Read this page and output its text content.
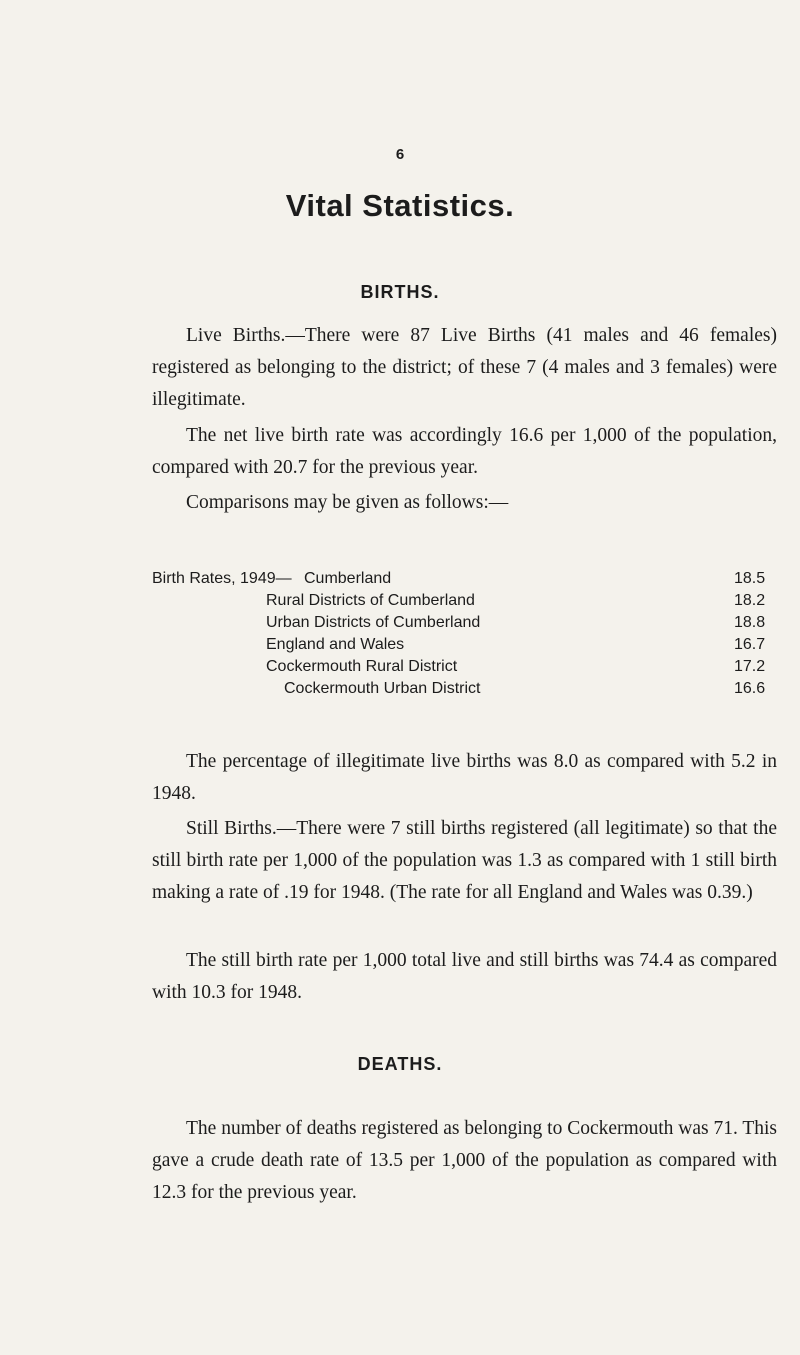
6
Vital Statistics.
BIRTHS.

Live Births.—There were 87 Live Births (41 males and 46 females) registered as belonging to the district; of these 7 (4 males and 3 females) were illegitimate.

The net live birth rate was accordingly 16.6 per 1,000 of the population, compared with 20.7 for the previous year.

Comparisons may be given as follows:—

Birth Rates, 1949— Cumberland	18.5
Rural Districts of Cumberland	18.2
Urban Districts of Cumberland	18.8
England and Wales	16.7
Cockermouth Rural District	17.2
Cockermouth Urban District	16.6

The percentage of illegitimate live births was 8.0 as compared with 5.2 in 1948.

Still Births.—There were 7 still births registered (all legitimate) so that the still birth rate per 1,000 of the population was 1.3 as compared with 1 still birth making a rate of .19 for 1948. (The rate for all England and Wales was 0.39.)

The still birth rate per 1,000 total live and still births was 74.4 as compared with 10.3 for 1948.

DEATHS.

The number of deaths registered as belonging to Cockermouth was 71. This gave a crude death rate of 13.5 per 1,000 of the population as compared with 12.3 for the previous year.
